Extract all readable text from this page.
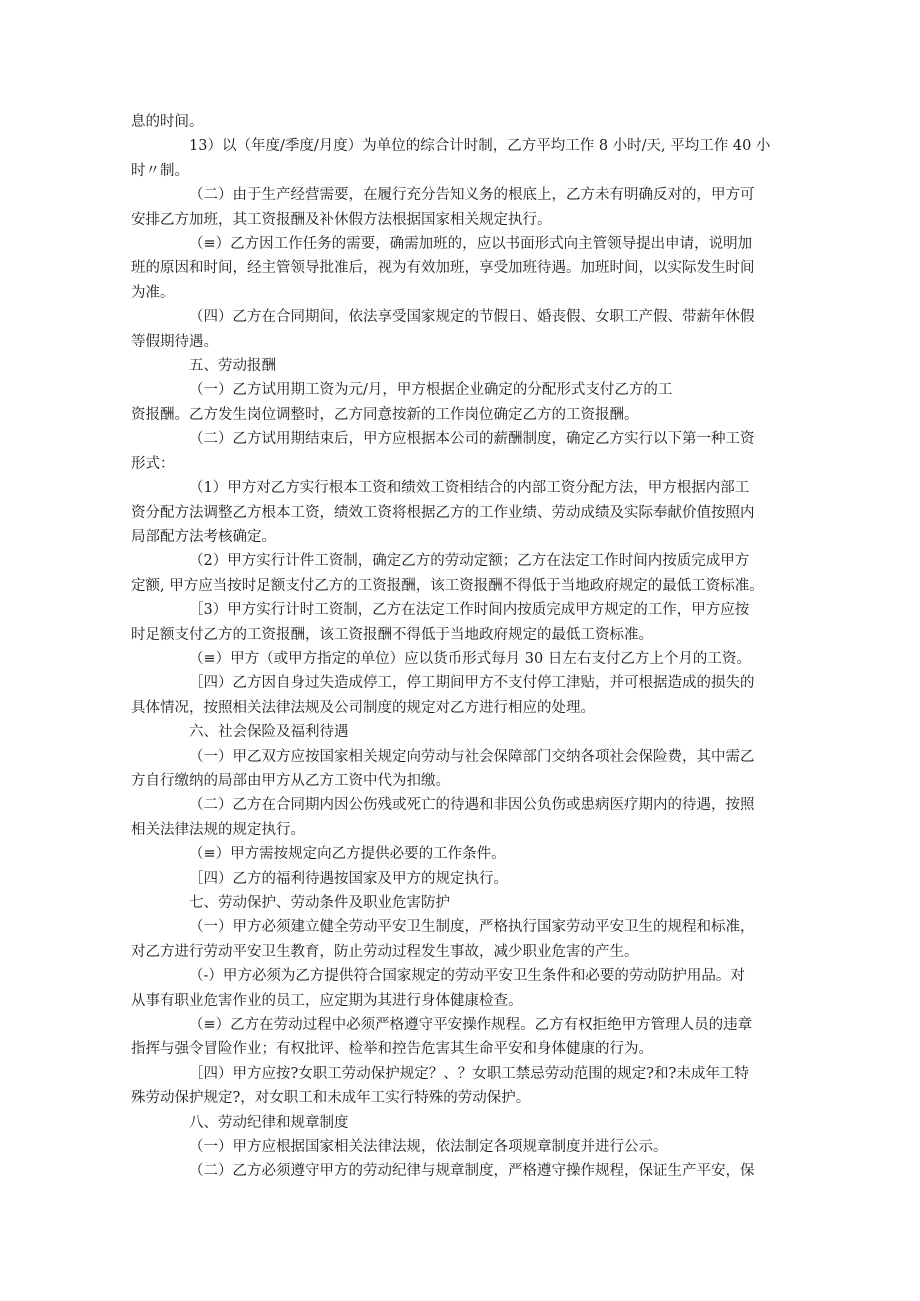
息的时间。

13）以（年度/季度/月度）为单位的综合计时制，乙方平均工作 8 小时/天, 平均工作 40 小

时〃制。

（二）由于生产经营需要，在履行充分告知义务的根底上，乙方未有明确反对的，甲方可

安排乙方加班，其工资报酬及补休假方法根据国家相关规定执行。

（≡）乙方因工作任务的需要，确需加班的，应以书面形式向主管领导提出申请，说明加

班的原因和时间，经主管领导批准后，视为有效加班，享受加班待遇。加班时间，以实际发生时间

为准。

（四）乙方在合同期间，依法享受国家规定的节假日、婚丧假、女职工产假、带薪年休假

等假期待遇。

五、劳动报酬

（一）乙方试用期工资为元/月，甲方根据企业确定的分配形式支付乙方的工

资报酬。乙方发生岗位调整时，乙方同意按新的工作岗位确定乙方的工资报酬。

（二）乙方试用期结束后，甲方应根据本公司的薪酬制度，确定乙方实行以下第一种工资

形式：

（1）甲方对乙方实行根本工资和绩效工资相结合的内部工资分配方法，甲方根据内部工

资分配方法调整乙方根本工资，绩效工资将根据乙方的工作业绩、劳动成绩及实际奉献价值按照内

局部配方法考核确定。

（2）甲方实行计件工资制，确定乙方的劳动定额；乙方在法定工作时间内按质完成甲方

定额, 甲方应当按时足额支付乙方的工资报酬，该工资报酬不得低于当地政府规定的最低工资标准。

［3）甲方实行计时工资制，乙方在法定工作时间内按质完成甲方规定的工作，甲方应按

时足额支付乙方的工资报酬，该工资报酬不得低于当地政府规定的最低工资标准。

（≡）甲方（或甲方指定的单位）应以货币形式每月 30 日左右支付乙方上个月的工资。

［四）乙方因自身过失造成停工，停工期间甲方不支付停工津贴，并可根据造成的损失的

具体情况，按照相关法律法规及公司制度的规定对乙方进行相应的处理。

六、社会保险及福利待遇

（一）甲乙双方应按国家相关规定向劳动与社会保障部门交纳各项社会保险费，其中需乙

方自行缴纳的局部由甲方从乙方工资中代为扣缴。

（二）乙方在合同期内因公伤残或死亡的待遇和非因公负伤或患病医疗期内的待遇，按照

相关法律法规的规定执行。

（≡）甲方需按规定向乙方提供必要的工作条件。

［四）乙方的福利待遇按国家及甲方的规定执行。

七、劳动保护、劳动条件及职业危害防护

（一）甲方必须建立健全劳动平安卫生制度，严格执行国家劳动平安卫生的规程和标准，

对乙方进行劳动平安卫生教育，防止劳动过程发生事故，减少职业危害的产生。

（-）甲方必须为乙方提供符合国家规定的劳动平安卫生条件和必要的劳动防护用品。对

从事有职业危害作业的员工，应定期为其进行身体健康检查。

（≡）乙方在劳动过程中必须严格遵守平安操作规程。乙方有权拒绝甲方管理人员的违章

指挥与强令冒险作业；有权批评、检举和控告危害其生命平安和身体健康的行为。

［四）甲方应按?女职工劳动保护规定？、？女职工禁忌劳动范围的规定?和?未成年工特

殊劳动保护规定?，对女职工和未成年工实行特殊的劳动保护。

八、劳动纪律和规章制度

（一）甲方应根据国家相关法律法规，依法制定各项规章制度并进行公示。

（二）乙方必须遵守甲方的劳动纪律与规章制度，严格遵守操作规程，保证生产平安，保
